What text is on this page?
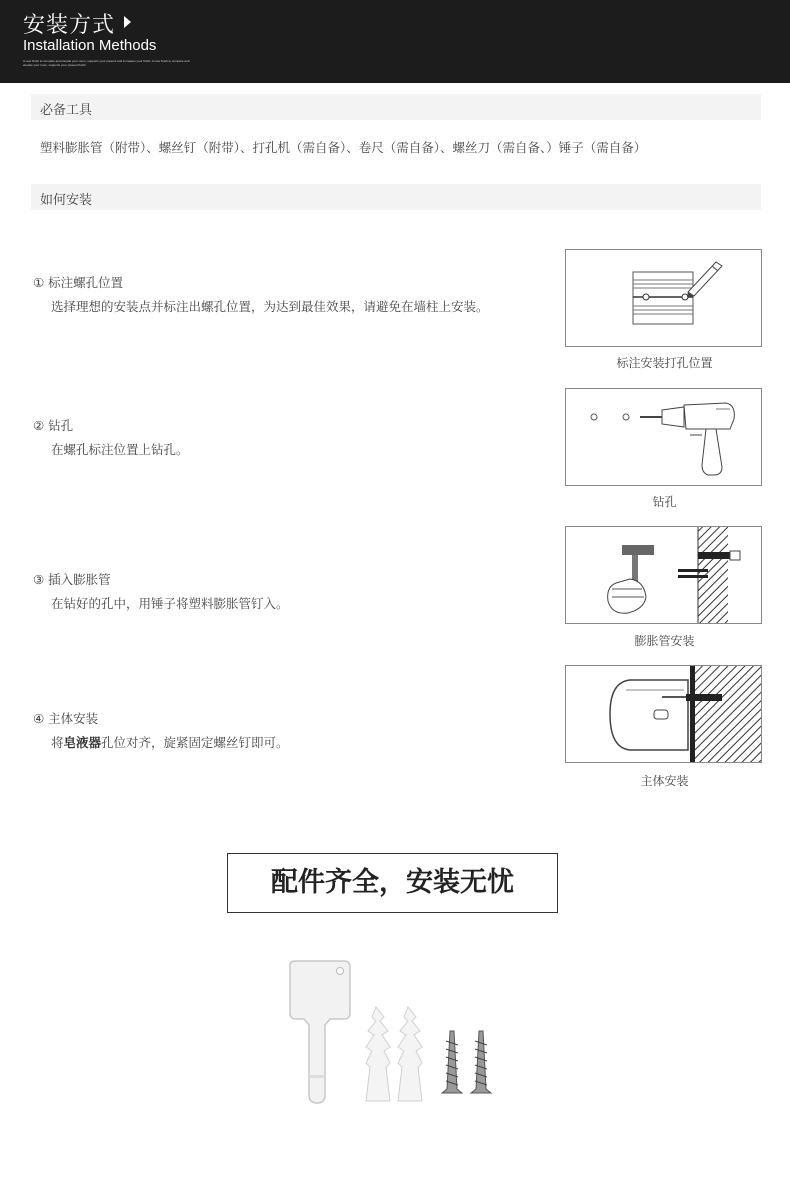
安装方式
Installation Methods
A new finish to compare and elevate your room, supports your present and increases your finish. A new finish to compare and elevate your room, supports your present finish.
必备工具
塑料膨胀管（附带）、螺丝钉（附带）、打孔机（需自备）、卷尺（需自备）、螺丝刀（需自备、）锤子（需自备）
如何安装
① 标注螺孔位置
选择理想的安装点并标注出螺孔位置，为达到最佳效果，请避免在墙柱上安装。
标注安装打孔位置
② 钻孔
在螺孔标注位置上钻孔。
钻孔
③ 插入膨胀管
在钻好的孔中，用锤子将塑料膨胀管钉入。
膨胀管安装
④ 主体安装
将皂液器孔位对齐，旋紧固定螺丝钉即可。
主体安装
配件齐全，安装无忧
